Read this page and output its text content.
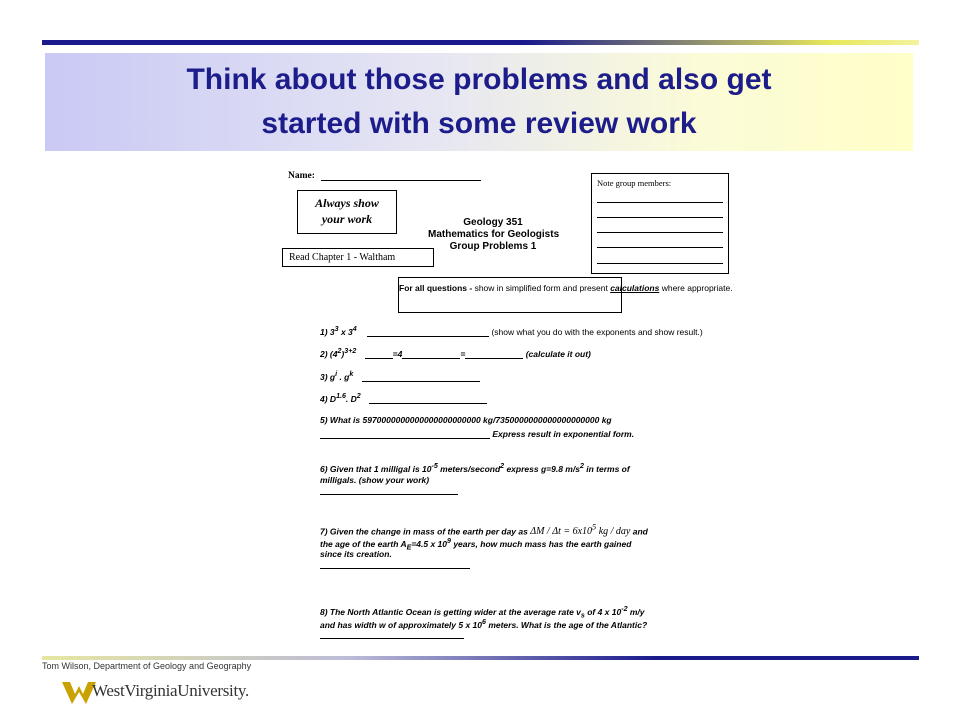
Think about those problems and also get
started with some review work
Name:
Always show
your work
Read Chapter 1 - Waltham
Geology 351
Mathematics for Geologists
Group Problems 1
Note group members:
For all questions - show in simplified form and present calculations where appropriate.
1) $3^3$ x $3^4$	(show what you do with the exponents and show result.)
2) $(4^2)^{3+2}$	=4	=	(calculate it out)
3) $g^i$ . $g^k$
4) $D^{1.6}$. $D^2$
5) What is 5970000000000000000000000 kg/7350000000000000000000 kg
Express result in exponential form.
6) Given that 1 milligal is $10^{-5}$ meters/second$^2$ express g=9.8 $m/s^2$ in terms of
milligals. (show your work)
7) Given the change in mass of the earth per day as $\Delta M / \Delta t = 6x10^5$ kg / day and
the age of the earth $A_E=4.5$ x $10^9$ years, how much mass has the earth gained
since its creation.
8) The North Atlantic Ocean is getting wider at the average rate $v_s$ of 4 x $10^{-2}$ m/y
and has width w of approximately 5 x $10^6$ meters. What is the age of the Atlantic?
Tom Wilson, Department of Geology and Geography
WestVirginiaUniversity.
